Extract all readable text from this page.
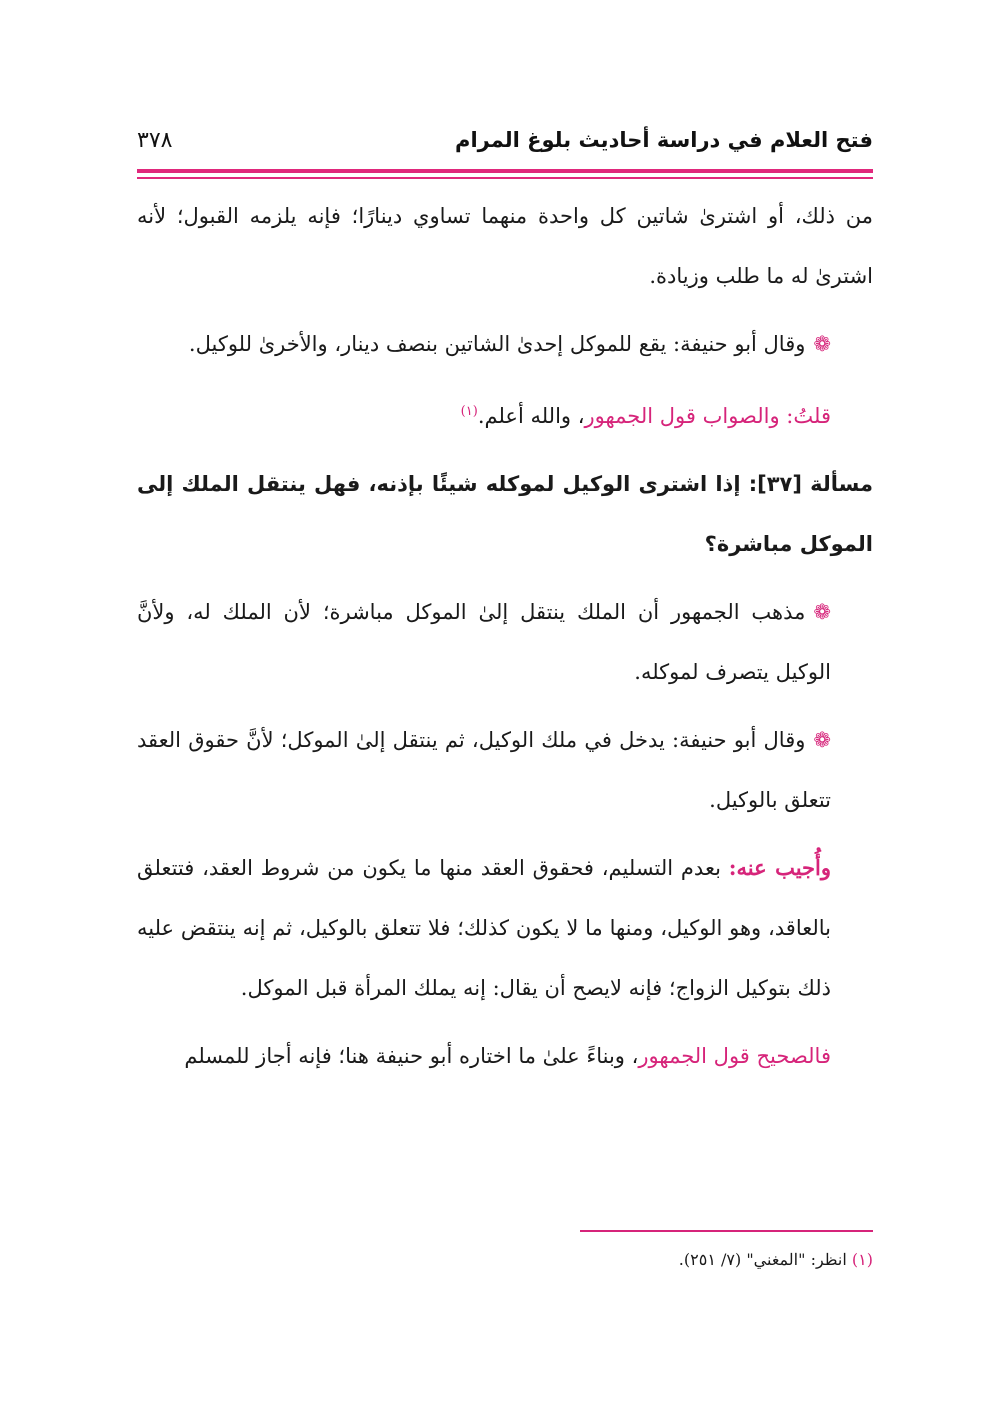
فتح العلام في دراسة أحاديث بلوغ المرام
٣٧٨

من ذلك، أو اشترىٰ شاتين كل واحدة منهما تساوي دينارًا؛ فإنه يلزمه القبول؛ لأنه اشترىٰ له ما طلب وزيادة.

❁وقال أبو حنيفة: يقع للموكل إحدىٰ الشاتين بنصف دينار، والأخرىٰ للوكيل.

قلتُ: والصواب قول الجمهور، والله أعلم.$^{(١)}$

مسألة [٣٧]: إذا اشترى الوكيل لموكله شيئًا بإذنه، فهل ينتقل الملك إلى الموكل مباشرة؟

❁مذهب الجمهور أن الملك ينتقل إلىٰ الموكل مباشرة؛ لأن الملك له، ولأنَّ الوكيل يتصرف لموكله.

❁وقال أبو حنيفة: يدخل في ملك الوكيل، ثم ينتقل إلىٰ الموكل؛ لأنَّ حقوق العقد تتعلق بالوكيل.

وأُجيب عنه: بعدم التسليم، فحقوق العقد منها ما يكون من شروط العقد، فتتعلق بالعاقد، وهو الوكيل، ومنها ما لا يكون كذلك؛ فلا تتعلق بالوكيل، ثم إنه ينتقض عليه ذلك بتوكيل الزواج؛ فإنه لايصح أن يقال: إنه يملك المرأة قبل الموكل.

فالصحيح قول الجمهور، وبناءً علىٰ ما اختاره أبو حنيفة هنا؛ فإنه أجاز للمسلم

(١) انظر: "المغني" (٧/ ٢٥١).
